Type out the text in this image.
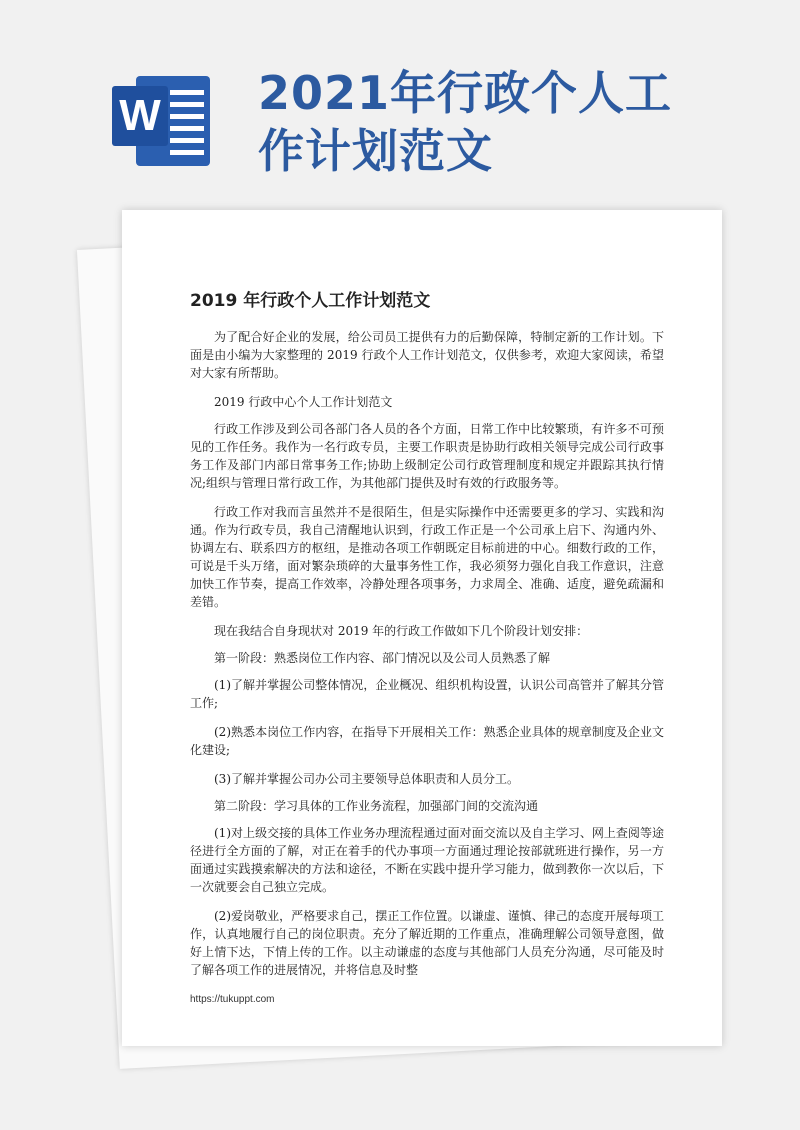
W 2021年行政个人工
作计划范文
2019 年行政个人工作计划范文

为了配合好企业的发展，给公司员工提供有力的后勤保障，特制定新的工作计划。下面是由小编为大家整理的 2019 行政个人工作计划范文，仅供参考，欢迎大家阅读，希望对大家有所帮助。

2019 行政中心个人工作计划范文

行政工作涉及到公司各部门各人员的各个方面，日常工作中比较繁琐，有许多不可预见的工作任务。我作为一名行政专员，主要工作职责是协助行政相关领导完成公司行政事务工作及部门内部日常事务工作;协助上级制定公司行政管理制度和规定并跟踪其执行情况;组织与管理日常行政工作，为其他部门提供及时有效的行政服务等。

行政工作对我而言虽然并不是很陌生，但是实际操作中还需要更多的学习、实践和沟通。作为行政专员，我自己清醒地认识到，行政工作正是一个公司承上启下、沟通内外、协调左右、联系四方的枢纽，是推动各项工作朝既定目标前进的中心。细数行政的工作，可说是千头万绪，面对繁杂琐碎的大量事务性工作，我必须努力强化自我工作意识，注意加快工作节奏，提高工作效率，冷静处理各项事务，力求周全、准确、适度，避免疏漏和差错。

现在我结合自身现状对 2019 年的行政工作做如下几个阶段计划安排：

第一阶段：熟悉岗位工作内容、部门情况以及公司人员熟悉了解

(1)了解并掌握公司整体情况，企业概况、组织机构设置，认识公司高管并了解其分管工作;

(2)熟悉本岗位工作内容，在指导下开展相关工作：熟悉企业具体的规章制度及企业文化建设;

(3)了解并掌握公司办公司主要领导总体职责和人员分工。

第二阶段：学习具体的工作业务流程，加强部门间的交流沟通

(1)对上级交接的具体工作业务办理流程通过面对面交流以及自主学习、网上查阅等途径进行全方面的了解，对正在着手的代办事项一方面通过理论按部就班进行操作，另一方面通过实践摸索解决的方法和途径，不断在实践中提升学习能力，做到教你一次以后，下一次就要会自己独立完成。

(2)爱岗敬业，严格要求自己，摆正工作位置。以谦虚、谨慎、律己的态度开展每项工作，认真地履行自己的岗位职责。充分了解近期的工作重点，准确理解公司领导意图，做好上情下达，下情上传的工作。以主动谦虚的态度与其他部门人员充分沟通，尽可能及时了解各项工作的进展情况，并将信息及时整

https://tukuppt.com
